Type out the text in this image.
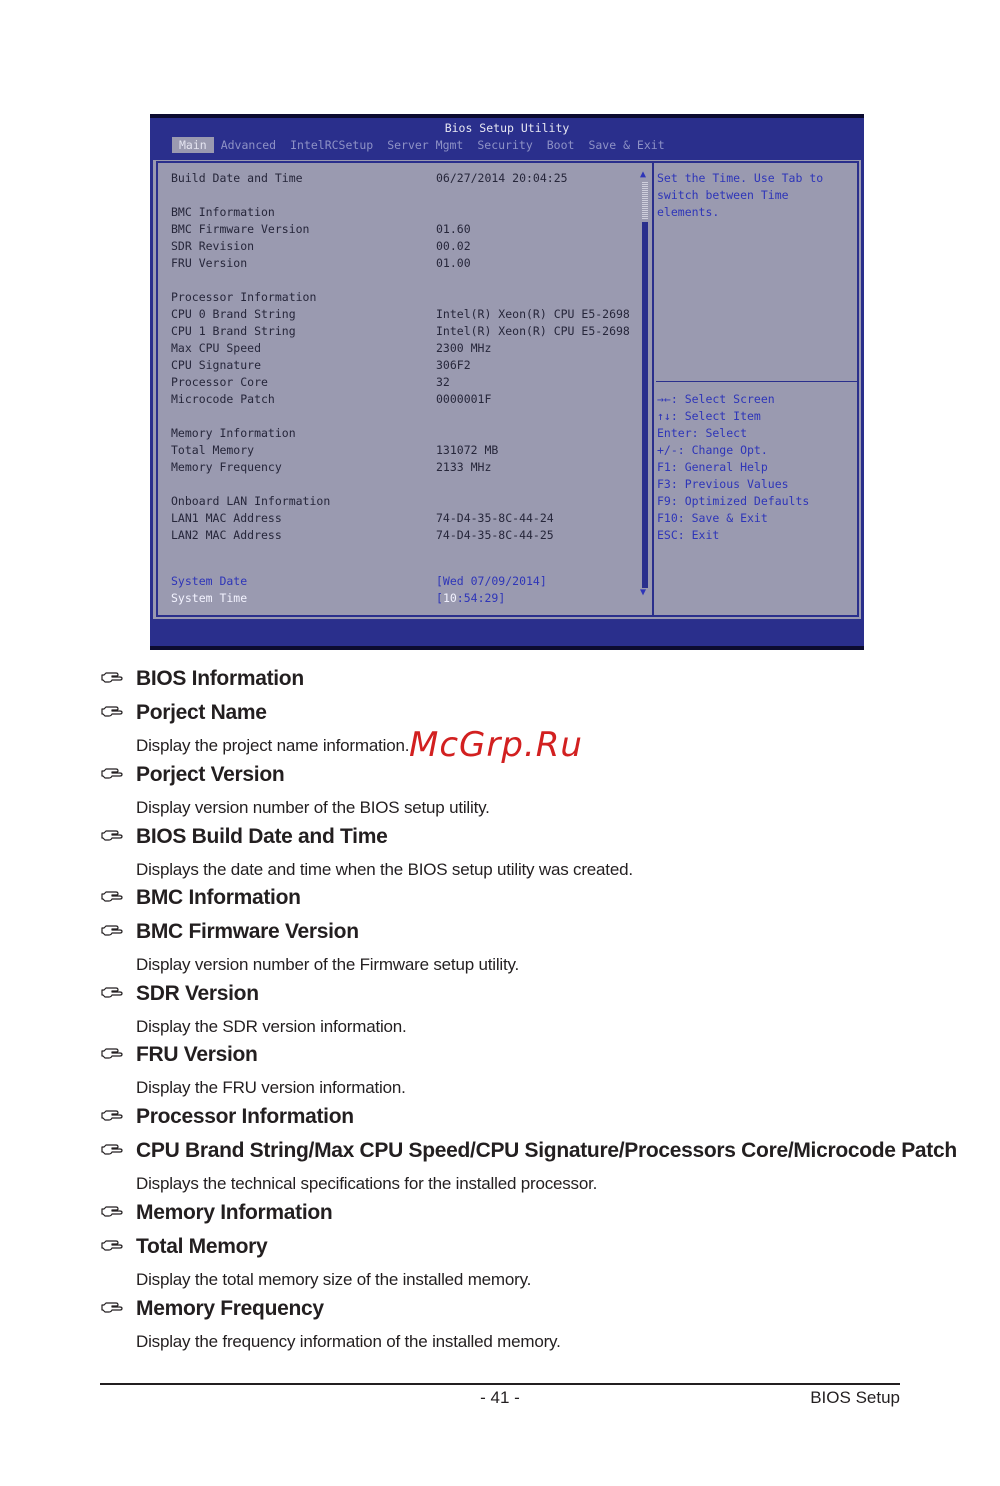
Bios Setup Utility
Main	Advanced	IntelRCSetup	Server Mgmt	Security	Boot	Save & Exit
Build Date and Time	06/27/2014 20:04:25
BMC Information
BMC Firmware Version	01.60
SDR Revision	00.02
FRU Version	01.00
Processor Information
CPU 0 Brand String	Intel(R) Xeon(R) CPU E5-2698
CPU 1 Brand String	Intel(R) Xeon(R) CPU E5-2698
Max CPU Speed	2300 MHz
CPU Signature	306F2
Processor Core	32
Microcode Patch	0000001F
Memory Information
Total Memory	131072 MB
Memory Frequency	2133 MHz
Onboard LAN Information
LAN1 MAC Address	74-D4-35-8C-44-24
LAN2 MAC Address	74-D4-35-8C-44-25
System Date	[Wed 07/09/2014]
System Time	[10:54:29]
▲
▼
Set the Time. Use Tab to
switch between Time
elements.
→←: Select Screen
↑↓: Select Item
Enter: Select
+/-: Change Opt.
F1: General Help
F3: Previous Values
F9: Optimized Defaults
F10: Save & Exit
ESC: Exit
BIOS Information
Porject Name
Display the project name information.
Porject Version
Display version number of the BIOS setup utility.
BIOS Build Date and Time
Displays the date and time when the BIOS setup utility was created.
BMC Information
BMC Firmware Version
Display version number of the Firmware setup utility.
SDR Version
Display the SDR version information.
FRU Version
Display the FRU version information.
Processor Information
CPU Brand String/Max CPU Speed/CPU Signature/Processors Core/Microcode Patch
Displays the technical specifications for the installed processor.
Memory Information
Total Memory
Display the total memory size of the installed memory.
Memory Frequency
Display the frequency information of the installed memory.
McGrp.Ru
- 41 -	BIOS Setup
